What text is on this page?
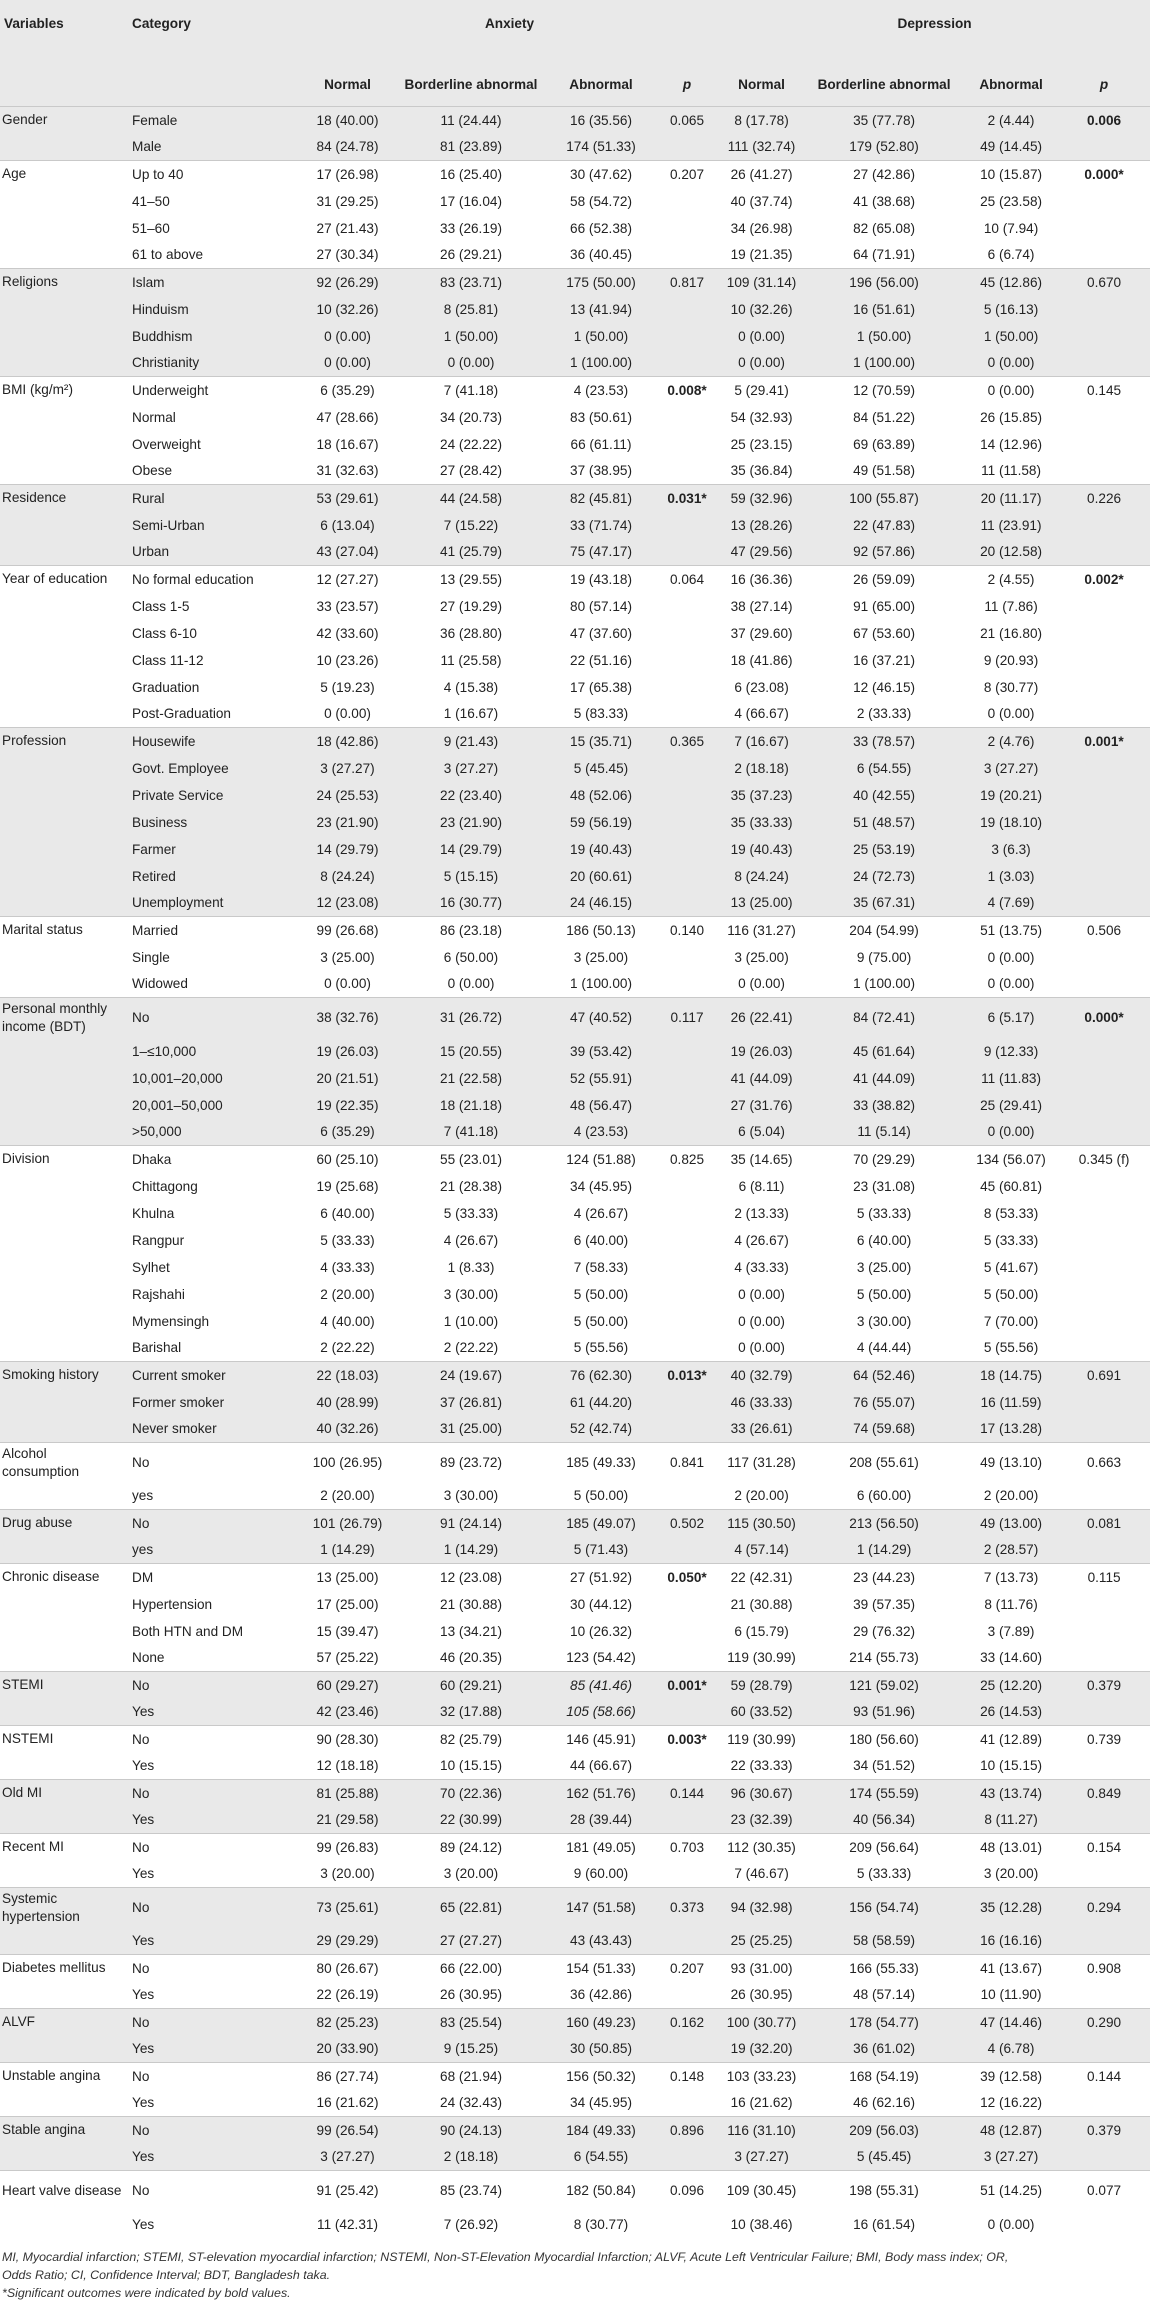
Variables	Category	Anxiety				Depression			
		Normal	Borderline abnormal	Abnormal	p	Normal	Borderline abnormal	Abnormal	p
Gender	Female	18 (40.00)	11 (24.44)	16 (35.56)	0.065	8 (17.78)	35 (77.78)	2 (4.44)	0.006
	Male	84 (24.78)	81 (23.89)	174 (51.33)		111 (32.74)	179 (52.80)	49 (14.45)	
Age	Up to 40	17 (26.98)	16 (25.40)	30 (47.62)	0.207	26 (41.27)	27 (42.86)	10 (15.87)	0.000*
	41–50	31 (29.25)	17 (16.04)	58 (54.72)		40 (37.74)	41 (38.68)	25 (23.58)	
	51–60	27 (21.43)	33 (26.19)	66 (52.38)		34 (26.98)	82 (65.08)	10 (7.94)	
	61 to above	27 (30.34)	26 (29.21)	36 (40.45)		19 (21.35)	64 (71.91)	6 (6.74)	
Religions	Islam	92 (26.29)	83 (23.71)	175 (50.00)	0.817	109 (31.14)	196 (56.00)	45 (12.86)	0.670
	Hinduism	10 (32.26)	8 (25.81)	13 (41.94)		10 (32.26)	16 (51.61)	5 (16.13)	
	Buddhism	0 (0.00)	1 (50.00)	1 (50.00)		0 (0.00)	1 (50.00)	1 (50.00)	
	Christianity	0 (0.00)	0 (0.00)	1 (100.00)		0 (0.00)	1 (100.00)	0 (0.00)	
BMI (kg/m²)	Underweight	6 (35.29)	7 (41.18)	4 (23.53)	0.008*	5 (29.41)	12 (70.59)	0 (0.00)	0.145
	Normal	47 (28.66)	34 (20.73)	83 (50.61)		54 (32.93)	84 (51.22)	26 (15.85)	
	Overweight	18 (16.67)	24 (22.22)	66 (61.11)		25 (23.15)	69 (63.89)	14 (12.96)	
	Obese	31 (32.63)	27 (28.42)	37 (38.95)		35 (36.84)	49 (51.58)	11 (11.58)	
Residence	Rural	53 (29.61)	44 (24.58)	82 (45.81)	0.031*	59 (32.96)	100 (55.87)	20 (11.17)	0.226
	Semi-Urban	6 (13.04)	7 (15.22)	33 (71.74)		13 (28.26)	22 (47.83)	11 (23.91)	
	Urban	43 (27.04)	41 (25.79)	75 (47.17)		47 (29.56)	92 (57.86)	20 (12.58)	
Year of education	No formal education	12 (27.27)	13 (29.55)	19 (43.18)	0.064	16 (36.36)	26 (59.09)	2 (4.55)	0.002*
	Class 1-5	33 (23.57)	27 (19.29)	80 (57.14)		38 (27.14)	91 (65.00)	11 (7.86)	
	Class 6-10	42 (33.60)	36 (28.80)	47 (37.60)		37 (29.60)	67 (53.60)	21 (16.80)	
	Class 11-12	10 (23.26)	11 (25.58)	22 (51.16)		18 (41.86)	16 (37.21)	9 (20.93)	
	Graduation	5 (19.23)	4 (15.38)	17 (65.38)		6 (23.08)	12 (46.15)	8 (30.77)	
	Post-Graduation	0 (0.00)	1 (16.67)	5 (83.33)		4 (66.67)	2 (33.33)	0 (0.00)	
Profession	Housewife	18 (42.86)	9 (21.43)	15 (35.71)	0.365	7 (16.67)	33 (78.57)	2 (4.76)	0.001*
	Govt. Employee	3 (27.27)	3 (27.27)	5 (45.45)		2 (18.18)	6 (54.55)	3 (27.27)	
	Private Service	24 (25.53)	22 (23.40)	48 (52.06)		35 (37.23)	40 (42.55)	19 (20.21)	
	Business	23 (21.90)	23 (21.90)	59 (56.19)		35 (33.33)	51 (48.57)	19 (18.10)	
	Farmer	14 (29.79)	14 (29.79)	19 (40.43)		19 (40.43)	25 (53.19)	3 (6.3)	
	Retired	8 (24.24)	5 (15.15)	20 (60.61)		8 (24.24)	24 (72.73)	1 (3.03)	
	Unemployment	12 (23.08)	16 (30.77)	24 (46.15)		13 (25.00)	35 (67.31)	4 (7.69)	
Marital status	Married	99 (26.68)	86 (23.18)	186 (50.13)	0.140	116 (31.27)	204 (54.99)	51 (13.75)	0.506
	Single	3 (25.00)	6 (50.00)	3 (25.00)		3 (25.00)	9 (75.00)	0 (0.00)	
	Widowed	0 (0.00)	0 (0.00)	1 (100.00)		0 (0.00)	1 (100.00)	0 (0.00)	
Personal monthly income (BDT)	No	38 (32.76)	31 (26.72)	47 (40.52)	0.117	26 (22.41)	84 (72.41)	6 (5.17)	0.000*
	1–≤10,000	19 (26.03)	15 (20.55)	39 (53.42)		19 (26.03)	45 (61.64)	9 (12.33)	
	10,001–20,000	20 (21.51)	21 (22.58)	52 (55.91)		41 (44.09)	41 (44.09)	11 (11.83)	
	20,001–50,000	19 (22.35)	18 (21.18)	48 (56.47)		27 (31.76)	33 (38.82)	25 (29.41)	
	>50,000	6 (35.29)	7 (41.18)	4 (23.53)		6 (5.04)	11 (5.14)	0 (0.00)	
Division	Dhaka	60 (25.10)	55 (23.01)	124 (51.88)	0.825	35 (14.65)	70 (29.29)	134 (56.07)	0.345 (f)
	Chittagong	19 (25.68)	21 (28.38)	34 (45.95)		6 (8.11)	23 (31.08)	45 (60.81)	
	Khulna	6 (40.00)	5 (33.33)	4 (26.67)		2 (13.33)	5 (33.33)	8 (53.33)	
	Rangpur	5 (33.33)	4 (26.67)	6 (40.00)		4 (26.67)	6 (40.00)	5 (33.33)	
	Sylhet	4 (33.33)	1 (8.33)	7 (58.33)		4 (33.33)	3 (25.00)	5 (41.67)	
	Rajshahi	2 (20.00)	3 (30.00)	5 (50.00)		0 (0.00)	5 (50.00)	5 (50.00)	
	Mymensingh	4 (40.00)	1 (10.00)	5 (50.00)		0 (0.00)	3 (30.00)	7 (70.00)	
	Barishal	2 (22.22)	2 (22.22)	5 (55.56)		0 (0.00)	4 (44.44)	5 (55.56)	
Smoking history	Current smoker	22 (18.03)	24 (19.67)	76 (62.30)	0.013*	40 (32.79)	64 (52.46)	18 (14.75)	0.691
	Former smoker	40 (28.99)	37 (26.81)	61 (44.20)		46 (33.33)	76 (55.07)	16 (11.59)	
	Never smoker	40 (32.26)	31 (25.00)	52 (42.74)		33 (26.61)	74 (59.68)	17 (13.28)	
Alcohol consumption	No	100 (26.95)	89 (23.72)	185 (49.33)	0.841	117 (31.28)	208 (55.61)	49 (13.10)	0.663
	yes	2 (20.00)	3 (30.00)	5 (50.00)		2 (20.00)	6 (60.00)	2 (20.00)	
Drug abuse	No	101 (26.79)	91 (24.14)	185 (49.07)	0.502	115 (30.50)	213 (56.50)	49 (13.00)	0.081
	yes	1 (14.29)	1 (14.29)	5 (71.43)		4 (57.14)	1 (14.29)	2 (28.57)	
Chronic disease	DM	13 (25.00)	12 (23.08)	27 (51.92)	0.050*	22 (42.31)	23 (44.23)	7 (13.73)	0.115
	Hypertension	17 (25.00)	21 (30.88)	30 (44.12)		21 (30.88)	39 (57.35)	8 (11.76)	
	Both HTN and DM	15 (39.47)	13 (34.21)	10 (26.32)		6 (15.79)	29 (76.32)	3 (7.89)	
	None	57 (25.22)	46 (20.35)	123 (54.42)		119 (30.99)	214 (55.73)	33 (14.60)	
STEMI	No	60 (29.27)	60 (29.21)	85 (41.46)	0.001*	59 (28.79)	121 (59.02)	25 (12.20)	0.379
	Yes	42 (23.46)	32 (17.88)	105 (58.66)		60 (33.52)	93 (51.96)	26 (14.53)	
NSTEMI	No	90 (28.30)	82 (25.79)	146 (45.91)	0.003*	119 (30.99)	180 (56.60)	41 (12.89)	0.739
	Yes	12 (18.18)	10 (15.15)	44 (66.67)		22 (33.33)	34 (51.52)	10 (15.15)	
Old MI	No	81 (25.88)	70 (22.36)	162 (51.76)	0.144	96 (30.67)	174 (55.59)	43 (13.74)	0.849
	Yes	21 (29.58)	22 (30.99)	28 (39.44)		23 (32.39)	40 (56.34)	8 (11.27)	
Recent MI	No	99 (26.83)	89 (24.12)	181 (49.05)	0.703	112 (30.35)	209 (56.64)	48 (13.01)	0.154
	Yes	3 (20.00)	3 (20.00)	9 (60.00)		7 (46.67)	5 (33.33)	3 (20.00)	
Systemic hypertension	No	73 (25.61)	65 (22.81)	147 (51.58)	0.373	94 (32.98)	156 (54.74)	35 (12.28)	0.294
	Yes	29 (29.29)	27 (27.27)	43 (43.43)		25 (25.25)	58 (58.59)	16 (16.16)	
Diabetes mellitus	No	80 (26.67)	66 (22.00)	154 (51.33)	0.207	93 (31.00)	166 (55.33)	41 (13.67)	0.908
	Yes	22 (26.19)	26 (30.95)	36 (42.86)		26 (30.95)	48 (57.14)	10 (11.90)	
ALVF	No	82 (25.23)	83 (25.54)	160 (49.23)	0.162	100 (30.77)	178 (54.77)	47 (14.46)	0.290
	Yes	20 (33.90)	9 (15.25)	30 (50.85)		19 (32.20)	36 (61.02)	4 (6.78)	
Unstable angina	No	86 (27.74)	68 (21.94)	156 (50.32)	0.148	103 (33.23)	168 (54.19)	39 (12.58)	0.144
	Yes	16 (21.62)	24 (32.43)	34 (45.95)		16 (21.62)	46 (62.16)	12 (16.22)	
Stable angina	No	99 (26.54)	90 (24.13)	184 (49.33)	0.896	116 (31.10)	209 (56.03)	48 (12.87)	0.379
	Yes	3 (27.27)	2 (18.18)	6 (54.55)		3 (27.27)	5 (45.45)	3 (27.27)	
Heart valve disease	No	91 (25.42)	85 (23.74)	182 (50.84)	0.096	109 (30.45)	198 (55.31)	51 (14.25)	0.077
	Yes	11 (42.31)	7 (26.92)	8 (30.77)		10 (38.46)	16 (61.54)	0 (0.00)	
MI, Myocardial infarction; STEMI, ST-elevation myocardial infarction; NSTEMI, Non-ST-Elevation Myocardial Infarction; ALVF, Acute Left Ventricular Failure; BMI, Body mass index; OR,
Odds Ratio; CI, Confidence Interval; BDT, Bangladesh taka.
*Significant outcomes were indicated by bold values.
